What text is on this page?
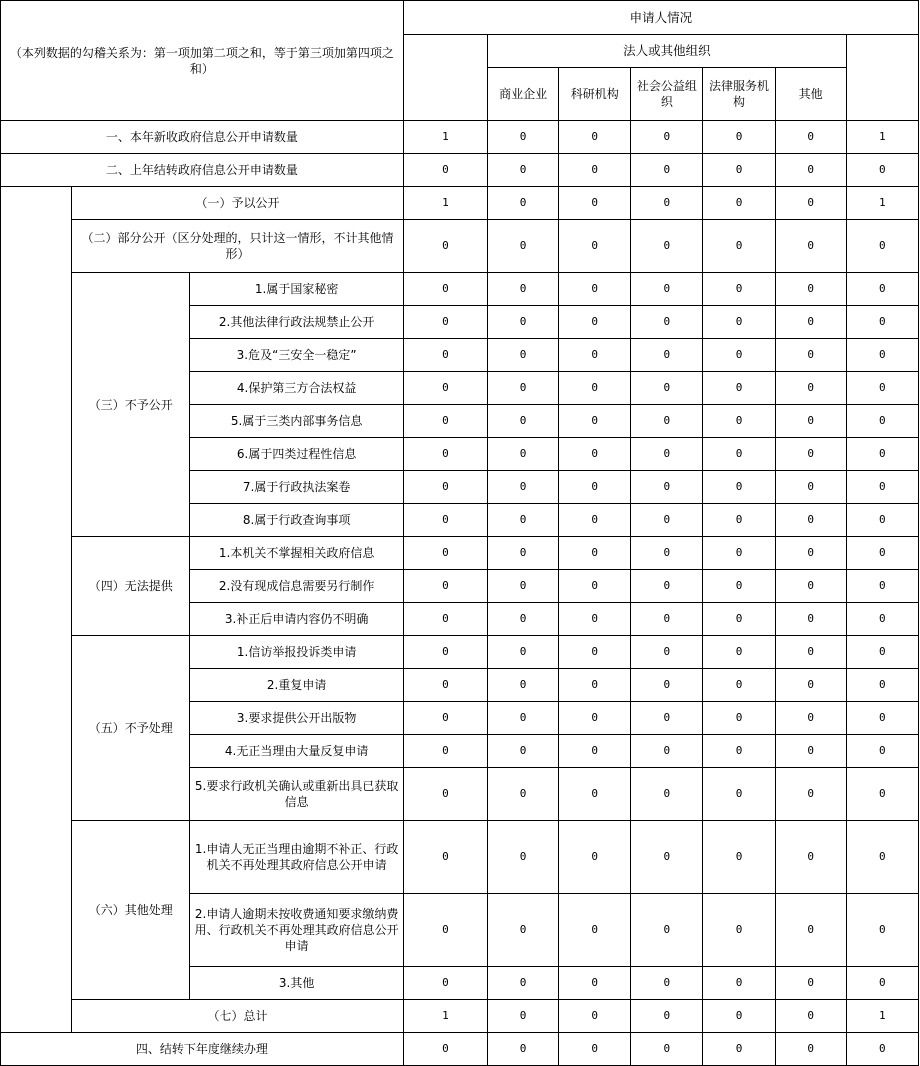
（本列数据的勾稽关系为：第一项加第二项之和，等于第三项加第四项之和）			申请人情况						
				法人或其他组织					
				商业企业	科研机构	社会公益组织	法律服务机构	其他	
一、本年新收政府信息公开申请数量			1	0	0	0	0	0	1
二、上年结转政府信息公开申请数量			0	0	0	0	0	0	0
	（一）予以公开		1	0	0	0	0	0	1
	（二）部分公开（区分处理的，只计这一情形，不计其他情形）		0	0	0	0	0	0	0
	（三）不予公开	1.属于国家秘密	0	0	0	0	0	0	0
		2.其他法律行政法规禁止公开	0	0	0	0	0	0	0
		3.危及“三安全一稳定”	0	0	0	0	0	0	0
		4.保护第三方合法权益	0	0	0	0	0	0	0
		5.属于三类内部事务信息	0	0	0	0	0	0	0
		6.属于四类过程性信息	0	0	0	0	0	0	0
		7.属于行政执法案卷	0	0	0	0	0	0	0
		8.属于行政查询事项	0	0	0	0	0	0	0
	（四）无法提供	1.本机关不掌握相关政府信息	0	0	0	0	0	0	0
		2.没有现成信息需要另行制作	0	0	0	0	0	0	0
		3.补正后申请内容仍不明确	0	0	0	0	0	0	0
	（五）不予处理	1.信访举报投诉类申请	0	0	0	0	0	0	0
		2.重复申请	0	0	0	0	0	0	0
		3.要求提供公开出版物	0	0	0	0	0	0	0
		4.无正当理由大量反复申请	0	0	0	0	0	0	0
		5.要求行政机关确认或重新出具已获取信息	0	0	0	0	0	0	0
	（六）其他处理	1.申请人无正当理由逾期不补正、行政机关不再处理其政府信息公开申请	0	0	0	0	0	0	0
		2.申请人逾期未按收费通知要求缴纳费用、行政机关不再处理其政府信息公开申请	0	0	0	0	0	0	0
		3.其他	0	0	0	0	0	0	0
	（七）总计		1	0	0	0	0	0	1
四、结转下年度继续办理			0	0	0	0	0	0	0
